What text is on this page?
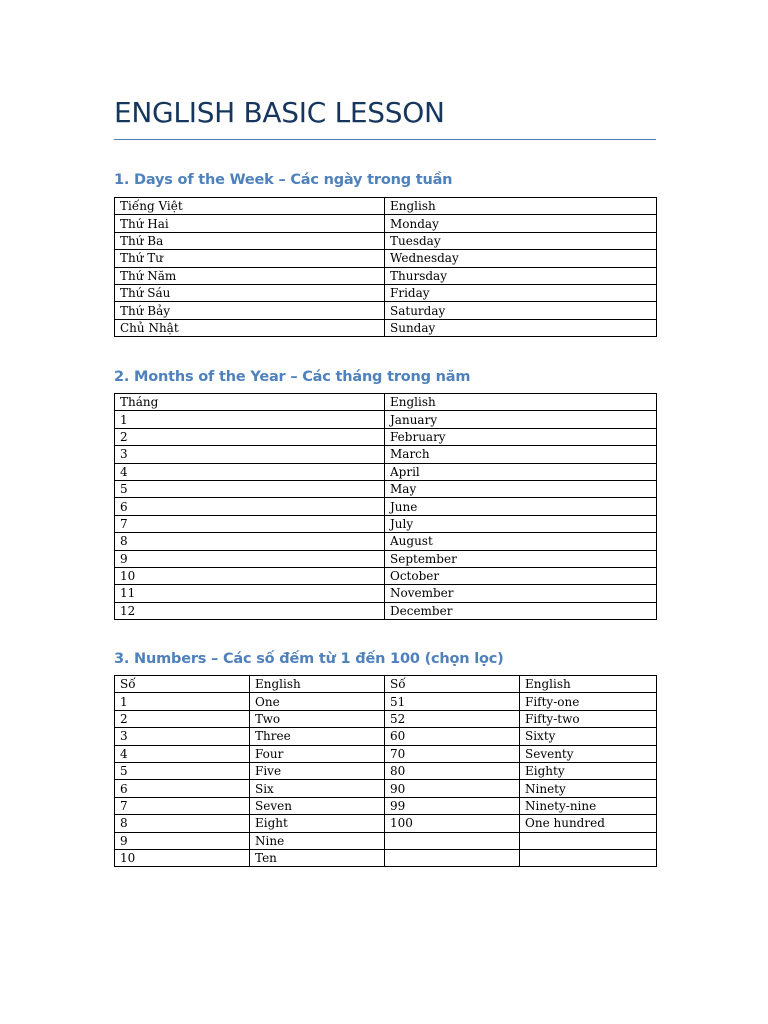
ENGLISH BASIC LESSON
1. Days of the Week – Các ngày trong tuần
Tiếng Việt	English
Thứ Hai	Monday
Thứ Ba	Tuesday
Thứ Tư	Wednesday
Thứ Năm	Thursday
Thứ Sáu	Friday
Thứ Bảy	Saturday
Chủ Nhật	Sunday
2. Months of the Year – Các tháng trong năm
Tháng	English
1	January
2	February
3	March
4	April
5	May
6	June
7	July
8	August
9	September
10	October
11	November
12	December
3. Numbers – Các số đếm từ 1 đến 100 (chọn lọc)
Số	English	Số	English
1	One	51	Fifty-one
2	Two	52	Fifty-two
3	Three	60	Sixty
4	Four	70	Seventy
5	Five	80	Eighty
6	Six	90	Ninety
7	Seven	99	Ninety-nine
8	Eight	100	One hundred
9	Nine		
10	Ten		
